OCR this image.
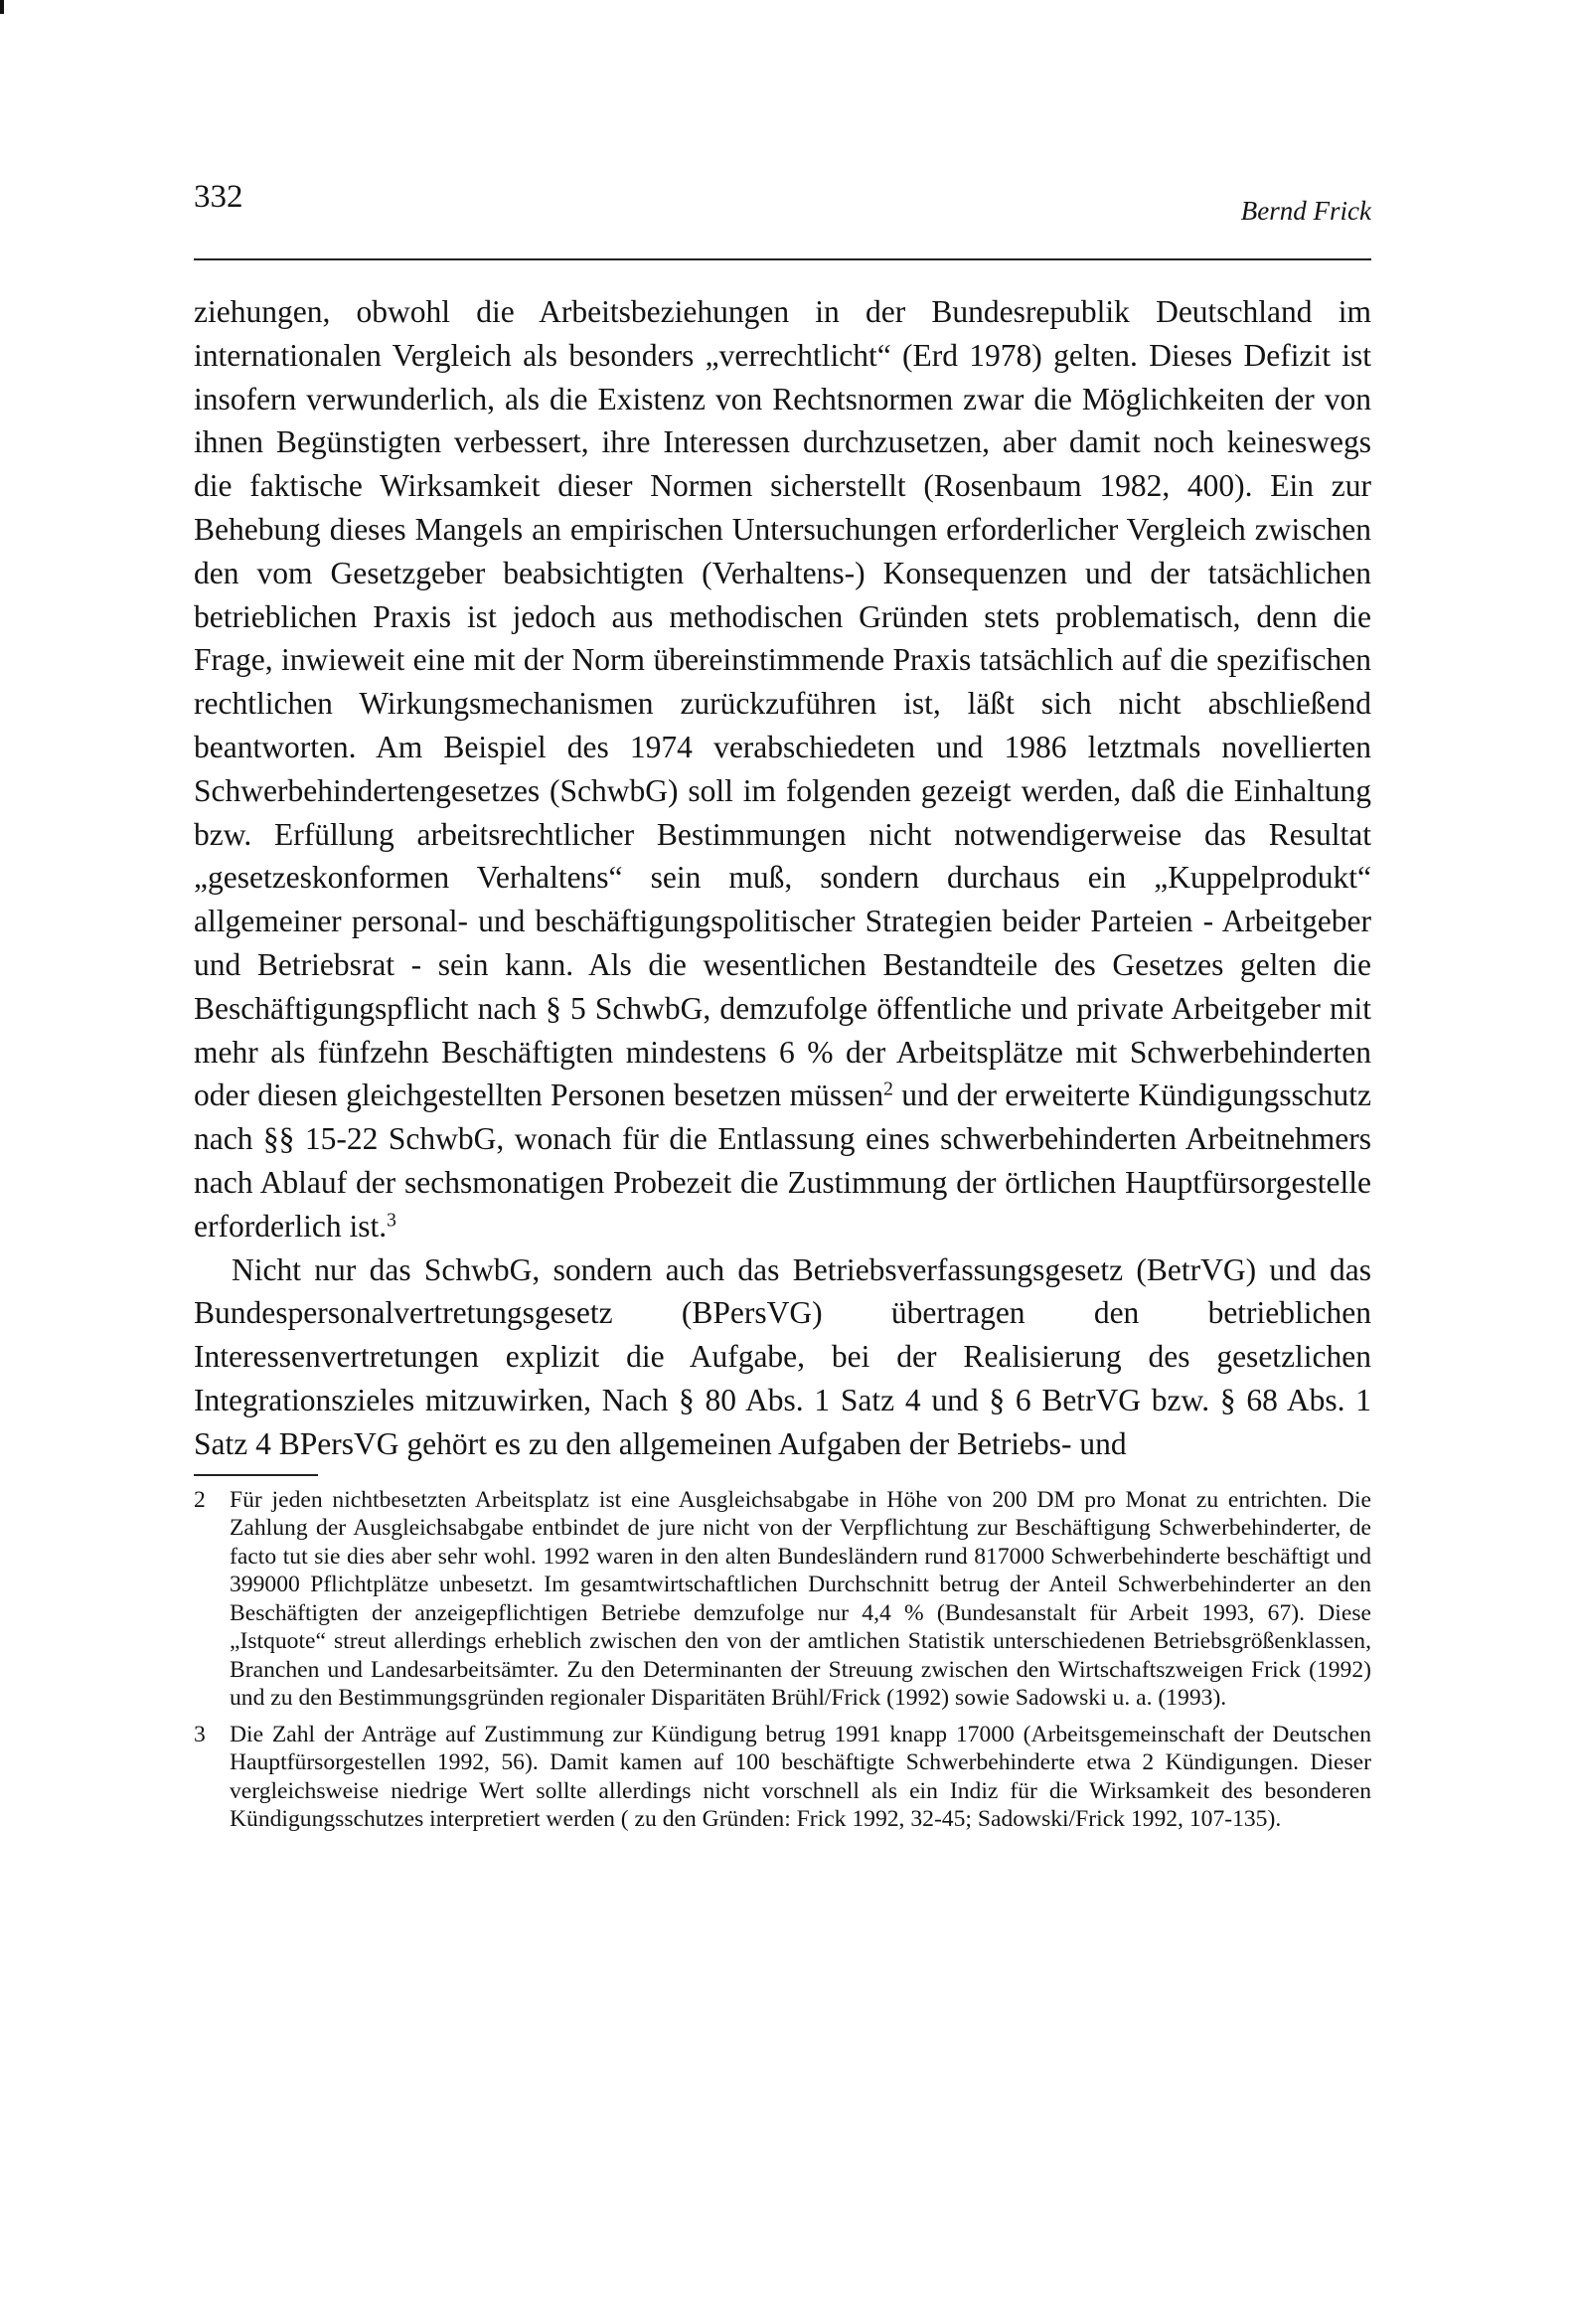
332	Bernd Frick

ziehungen, obwohl die Arbeitsbeziehungen in der Bundesrepublik Deutschland im internationalen Vergleich als besonders „verrechtlicht“ (Erd 1978) gelten. Dieses Defizit ist insofern verwunderlich, als die Existenz von Rechtsnormen zwar die Möglichkeiten der von ihnen Begünstigten verbessert, ihre Interessen durchzusetzen, aber damit noch keineswegs die faktische Wirksamkeit dieser Normen sicherstellt (Rosenbaum 1982, 400). Ein zur Behebung dieses Mangels an empirischen Untersuchungen erforderlicher Vergleich zwischen den vom Gesetzgeber beabsichtigten (Verhaltens-) Konsequenzen und der tatsächlichen betrieblichen Praxis ist jedoch aus methodischen Gründen stets problematisch, denn die Frage, inwieweit eine mit der Norm übereinstimmende Praxis tatsächlich auf die spezifischen rechtlichen Wirkungsmechanismen zurückzuführen ist, läßt sich nicht abschließend beantworten. Am Beispiel des 1974 verabschiedeten und 1986 letztmals novellierten Schwerbehindertengesetzes (SchwbG) soll im folgenden gezeigt werden, daß die Einhaltung bzw. Erfüllung arbeitsrechtlicher Bestimmungen nicht notwendigerweise das Resultat „gesetzeskonformen Verhaltens“ sein muß, sondern durchaus ein „Kuppelprodukt“ allgemeiner personal- und beschäftigungspolitischer Strategien beider Parteien - Arbeitgeber und Betriebsrat - sein kann. Als die wesentlichen Bestandteile des Gesetzes gelten die Beschäftigungspflicht nach § 5 SchwbG, demzufolge öffentliche und private Arbeitgeber mit mehr als fünfzehn Beschäftigten mindestens 6 % der Arbeitsplätze mit Schwerbehinderten oder diesen gleichgestellten Personen besetzen müssen$^2$ und der erweiterte Kündigungsschutz nach §§ 15-22 SchwbG, wonach für die Entlassung eines schwerbehinderten Arbeitnehmers nach Ablauf der sechsmonatigen Probezeit die Zustimmung der örtlichen Hauptfürsorgestelle erforderlich ist.$^3$

Nicht nur das SchwbG, sondern auch das Betriebsverfassungsgesetz (BetrVG) und das Bundespersonalvertretungsgesetz (BPersVG) übertragen den betrieblichen Interessenvertretungen explizit die Aufgabe, bei der Realisierung des gesetzlichen Integrationszieles mitzuwirken, Nach § 80 Abs. 1 Satz 4 und § 6 BetrVG bzw. § 68 Abs. 1 Satz 4 BPersVG gehört es zu den allgemeinen Aufgaben der Betriebs- und

2	Für jeden nichtbesetzten Arbeitsplatz ist eine Ausgleichsabgabe in Höhe von 200 DM pro Monat zu entrichten. Die Zahlung der Ausgleichsabgabe entbindet de jure nicht von der Verpflichtung zur Beschäftigung Schwerbehinderter, de facto tut sie dies aber sehr wohl. 1992 waren in den alten Bundesländern rund 817000 Schwerbehinderte beschäftigt und 399000 Pflichtplätze unbesetzt. Im gesamtwirtschaftlichen Durchschnitt betrug der Anteil Schwerbehinderter an den Beschäftigten der anzeigepflichtigen Betriebe demzufolge nur 4,4 % (Bundesanstalt für Arbeit 1993, 67). Diese „Istquote“ streut allerdings erheblich zwischen den von der amtlichen Statistik unterschiedenen Betriebsgrößenklassen, Branchen und Landesarbeitsämter. Zu den Determinanten der Streuung zwischen den Wirtschaftszweigen Frick (1992) und zu den Bestimmungsgründen regionaler Disparitäten Brühl/Frick (1992) sowie Sadowski u. a. (1993).
3	Die Zahl der Anträge auf Zustimmung zur Kündigung betrug 1991 knapp 17000 (Arbeitsgemeinschaft der Deutschen Hauptfürsorgestellen 1992, 56). Damit kamen auf 100 beschäftigte Schwerbehinderte etwa 2 Kündigungen. Dieser vergleichsweise niedrige Wert sollte allerdings nicht vorschnell als ein Indiz für die Wirksamkeit des besonderen Kündigungsschutzes interpretiert werden ( zu den Gründen: Frick 1992, 32-45; Sadowski/Frick 1992, 107-135).
